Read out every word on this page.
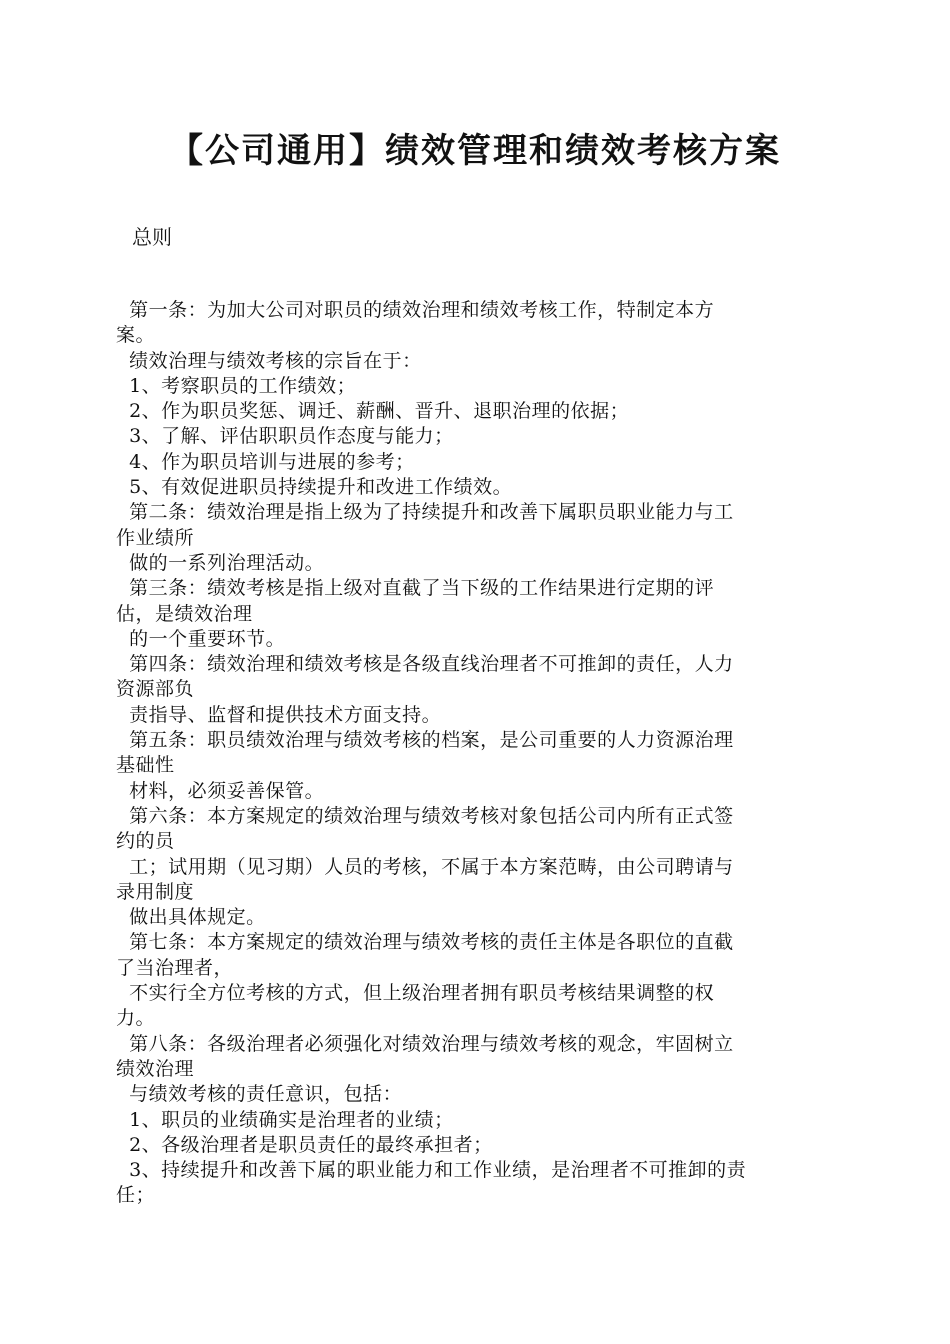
【公司通用】绩效管理和绩效考核方案
总则
第一条：为加大公司对职员的绩效治理和绩效考核工作，特制定本方
案。
绩效治理与绩效考核的宗旨在于：
1、考察职员的工作绩效；
2、作为职员奖惩、调迁、薪酬、晋升、退职治理的依据；
3、了解、评估职职员作态度与能力；
4、作为职员培训与进展的参考；
5、有效促进职员持续提升和改进工作绩效。
第二条：绩效治理是指上级为了持续提升和改善下属职员职业能力与工
作业绩所
做的一系列治理活动。
第三条：绩效考核是指上级对直截了当下级的工作结果进行定期的评
估，是绩效治理
的一个重要环节。
第四条：绩效治理和绩效考核是各级直线治理者不可推卸的责任，人力
资源部负
责指导、监督和提供技术方面支持。
第五条：职员绩效治理与绩效考核的档案，是公司重要的人力资源治理
基础性
材料，必须妥善保管。
第六条：本方案规定的绩效治理与绩效考核对象包括公司内所有正式签
约的员
工；试用期（见习期）人员的考核，不属于本方案范畴，由公司聘请与
录用制度
做出具体规定。
第七条：本方案规定的绩效治理与绩效考核的责任主体是各职位的直截
了当治理者，
不实行全方位考核的方式，但上级治理者拥有职员考核结果调整的权
力。
第八条：各级治理者必须强化对绩效治理与绩效考核的观念，牢固树立
绩效治理
与绩效考核的责任意识，包括：
1、职员的业绩确实是治理者的业绩；
2、各级治理者是职员责任的最终承担者；
3、持续提升和改善下属的职业能力和工作业绩，是治理者不可推卸的责
任；
